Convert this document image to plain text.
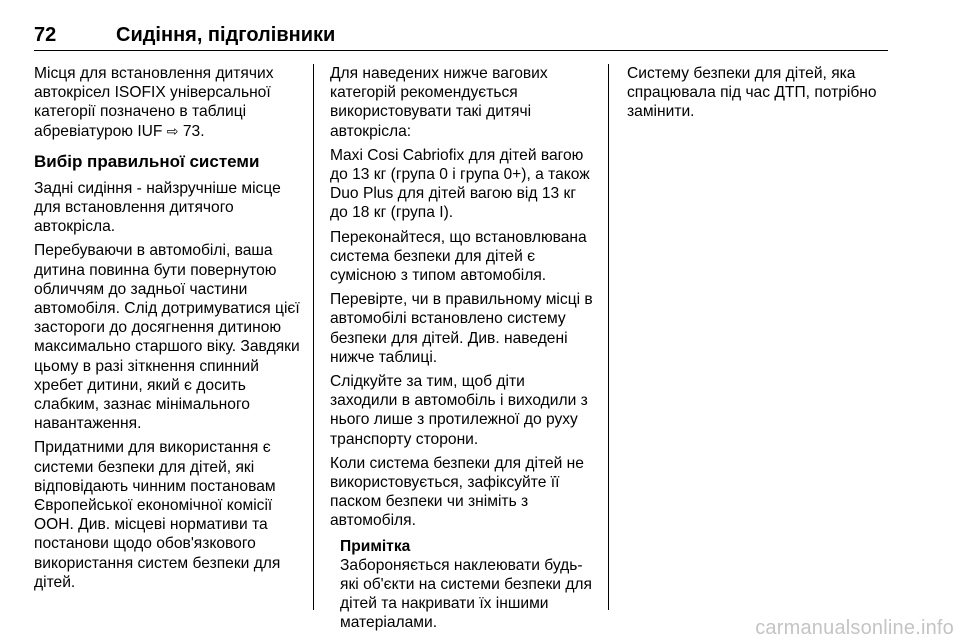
72	Сидіння, підголівники

Місця для встановлення дитячих автокрісел ISOFIX універсальної категорії позначено в таблиці абревіатурою IUF ⇨ 73.

Вибір правильної системи

Задні сидіння - найзручніше місце для встановлення дитячого автокрісла.

Перебуваючи в автомобілі, ваша дитина повинна бути повернутою обличчям до задньої частини автомобіля. Слід дотримуватися цієї застороги до досягнення дитиною максимально старшого віку. Завдяки цьому в разі зіткнення спинний хребет дитини, який є досить слабким, зазнає мінімального навантаження.

Придатними для використання є системи безпеки для дітей, які відповідають чинним постановам Європейської економічної комісії ООН. Див. місцеві нормативи та постанови щодо обов'язкового використання систем безпеки для дітей.

Для наведених нижче вагових категорій рекомендується використовувати такі дитячі автокрісла:

Maxi Cosi Cabriofix для дітей вагою до 13 кг (група 0 і група 0+), а також Duo Plus для дітей вагою від 13 кг до 18 кг (група I).

Переконайтеся, що встановлювана система безпеки для дітей є сумісною з типом автомобіля.

Перевірте, чи в правильному місці в автомобілі встановлено систему безпеки для дітей. Див. наведені нижче таблиці.

Слідкуйте за тим, щоб діти заходили в автомобіль і виходили з нього лише з протилежної до руху транспорту сторони.

Коли система безпеки для дітей не використовується, зафіксуйте її паском безпеки чи зніміть з автомобіля.

Примітка
Забороняється наклеювати будь-які об'єкти на системи безпеки для дітей та накривати їх іншими матеріалами.

Систему безпеки для дітей, яка спрацювала під час ДТП, потрібно замінити.

carmanualsonline.info
